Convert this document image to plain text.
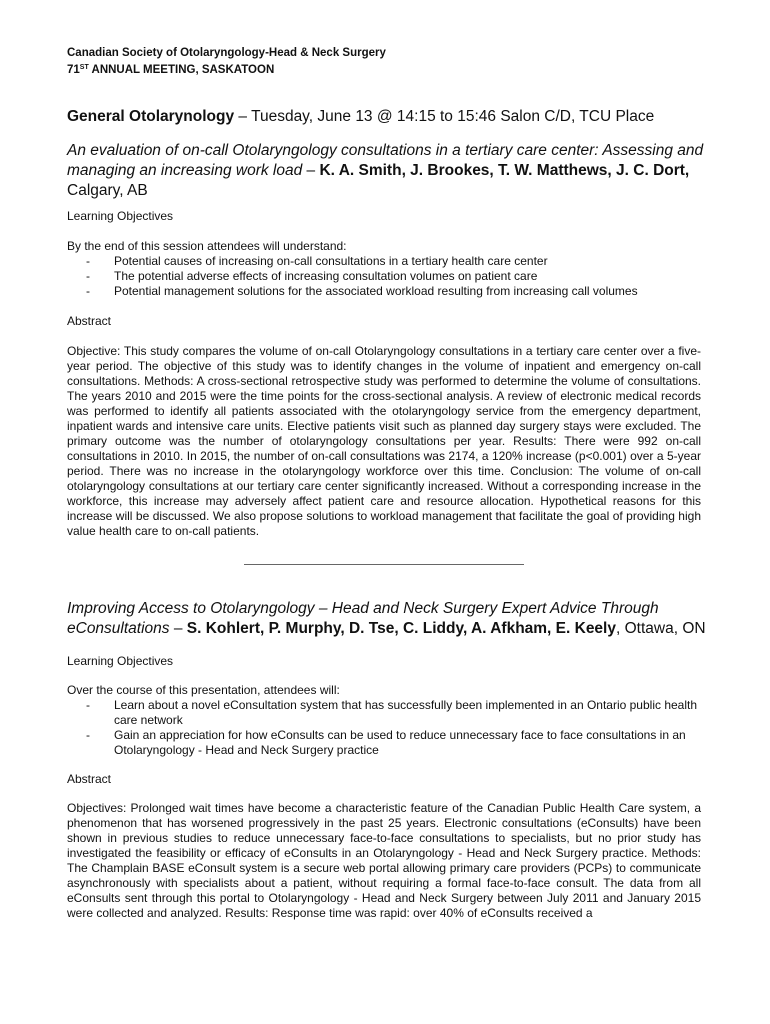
Canadian Society of Otolaryngology-Head & Neck Surgery
71ST ANNUAL MEETING, SASKATOON
General Otolarynology – Tuesday, June 13 @ 14:15 to 15:46 Salon C/D, TCU Place
An evaluation of on-call Otolaryngology consultations in a tertiary care center: Assessing and managing an increasing work load – K. A. Smith, J. Brookes, T. W. Matthews, J. C. Dort, Calgary, AB
Learning Objectives
By the end of this session attendees will understand:
- Potential causes of increasing on-call consultations in a tertiary health care center
- The potential adverse effects of increasing consultation volumes on patient care
- Potential management solutions for the associated workload resulting from increasing call volumes
Abstract

Objective: This study compares the volume of on-call Otolaryngology consultations in a tertiary care center over a five-year period. The objective of this study was to identify changes in the volume of inpatient and emergency on-call consultations. Methods: A cross-sectional retrospective study was performed to determine the volume of consultations. The years 2010 and 2015 were the time points for the cross-sectional analysis. A review of electronic medical records was performed to identify all patients associated with the otolaryngology service from the emergency department, inpatient wards and intensive care units. Elective patients visit such as planned day surgery stays were excluded. The primary outcome was the number of otolaryngology consultations per year. Results: There were 992 on-call consultations in 2010. In 2015, the number of on-call consultations was 2174, a 120% increase (p<0.001) over a 5-year period. There was no increase in the otolaryngology workforce over this time. Conclusion: The volume of on-call otolaryngology consultations at our tertiary care center significantly increased. Without a corresponding increase in the workforce, this increase may adversely affect patient care and resource allocation. Hypothetical reasons for this increase will be discussed. We also propose solutions to workload management that facilitate the goal of providing high value health care to on-call patients.

Improving Access to Otolaryngology – Head and Neck Surgery Expert Advice Through eConsultations – S. Kohlert, P. Murphy, D. Tse, C. Liddy, A. Afkham, E. Keely, Ottawa, ON
Learning Objectives
Over the course of this presentation, attendees will:
- Learn about a novel eConsultation system that has successfully been implemented in an Ontario public health care network
- Gain an appreciation for how eConsults can be used to reduce unnecessary face to face consultations in an Otolaryngology - Head and Neck Surgery practice
Abstract

Objectives: Prolonged wait times have become a characteristic feature of the Canadian Public Health Care system, a phenomenon that has worsened progressively in the past 25 years. Electronic consultations (eConsults) have been shown in previous studies to reduce unnecessary face-to-face consultations to specialists, but no prior study has investigated the feasibility or efficacy of eConsults in an Otolaryngology - Head and Neck Surgery practice. Methods: The Champlain BASE eConsult system is a secure web portal allowing primary care providers (PCPs) to communicate asynchronously with specialists about a patient, without requiring a formal face-to-face consult. The data from all eConsults sent through this portal to Otolaryngology - Head and Neck Surgery between July 2011 and January 2015 were collected and analyzed. Results: Response time was rapid: over 40% of eConsults received a
